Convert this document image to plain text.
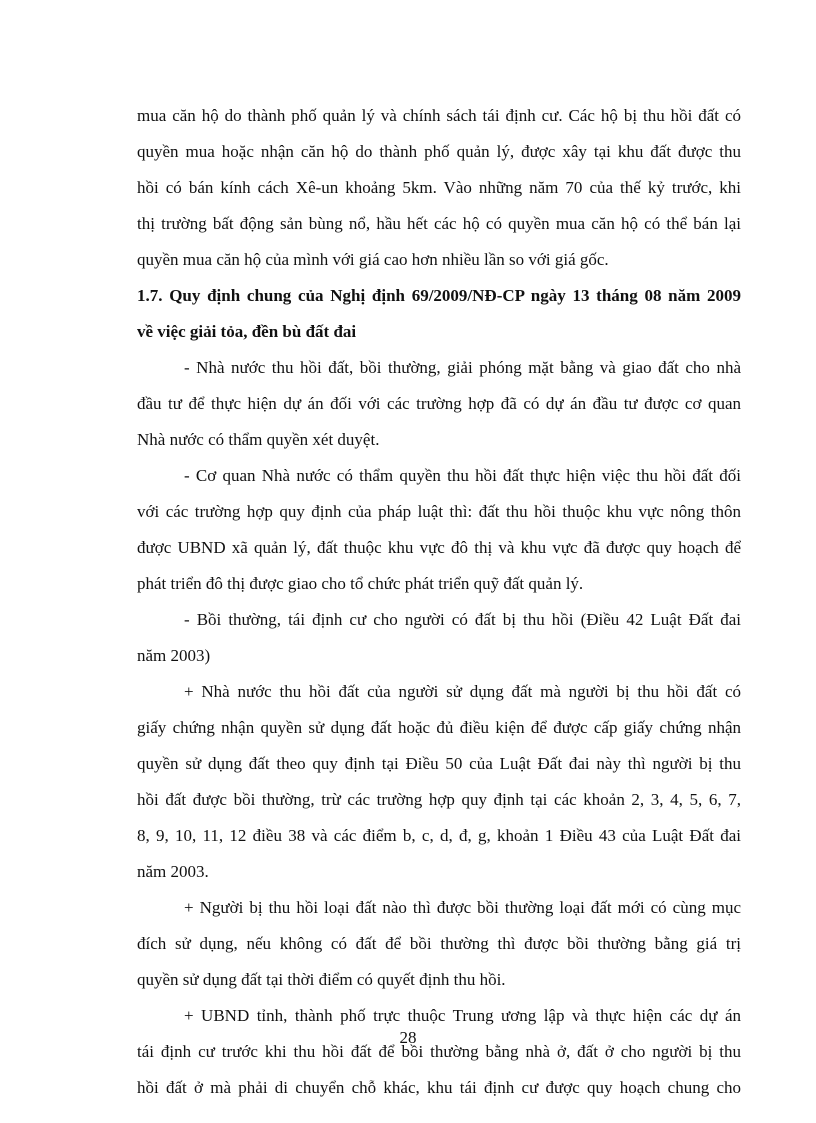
mua căn hộ do thành phố quản lý và chính sách tái định cư. Các hộ bị thu hồi đất có
quyền mua hoặc nhận căn hộ do thành phố quản lý, được xây tại khu đất được thu
hồi có bán kính cách Xê-un khoảng 5km. Vào những năm 70 của thế kỷ trước, khi
thị trường bất động sản bùng nổ, hầu hết các hộ có quyền mua căn hộ có thể bán lại
quyền mua căn hộ của mình với giá cao hơn nhiều lần so với giá gốc.
1.7. Quy định chung của Nghị định 69/2009/NĐ-CP ngày 13 tháng 08 năm 2009
về việc giải tỏa, đền bù đất đai
- Nhà nước thu hồi đất, bồi thường, giải phóng mặt bằng và giao đất cho nhà
đầu tư để thực hiện dự án đối với các trường hợp đã có dự án đầu tư được cơ quan
Nhà nước có thẩm quyền xét duyệt.
- Cơ quan Nhà nước có thẩm quyền thu hồi đất thực hiện việc thu hồi đất đối
với các trường hợp quy định của pháp luật thì: đất thu hồi thuộc khu vực nông thôn
được UBND xã quản lý, đất thuộc khu vực đô thị và khu vực đã được quy hoạch để
phát triển đô thị được giao cho tổ chức phát triển quỹ đất quản lý.
- Bồi thường, tái định cư cho người có đất bị thu hồi (Điều 42 Luật Đất đai
năm 2003)
+ Nhà nước thu hồi đất của người sử dụng đất mà người bị thu hồi đất có
giấy chứng nhận quyền sử dụng đất hoặc đủ điều kiện để được cấp giấy chứng nhận
quyền sử dụng đất theo quy định tại Điều 50 của Luật Đất đai này thì người bị thu
hồi đất được bồi thường, trừ các trường hợp quy định tại các khoản 2, 3, 4, 5, 6, 7,
8, 9, 10, 11, 12 điều 38 và các điểm b, c, d, đ, g, khoản 1 Điều 43 của Luật Đất đai
năm 2003.
+ Người bị thu hồi loại đất nào thì được bồi thường loại đất mới có cùng mục
đích sử dụng, nếu không có đất để bồi thường thì được bồi thường bằng giá trị
quyền sử dụng đất tại thời điểm có quyết định thu hồi.
+ UBND tỉnh, thành phố trực thuộc Trung ương lập và thực hiện các dự án
tái định cư trước khi thu hồi đất để bồi thường bằng nhà ở, đất ở cho người bị thu
hồi đất ở mà phải di chuyển chỗ khác, khu tái định cư được quy hoạch chung cho
28
